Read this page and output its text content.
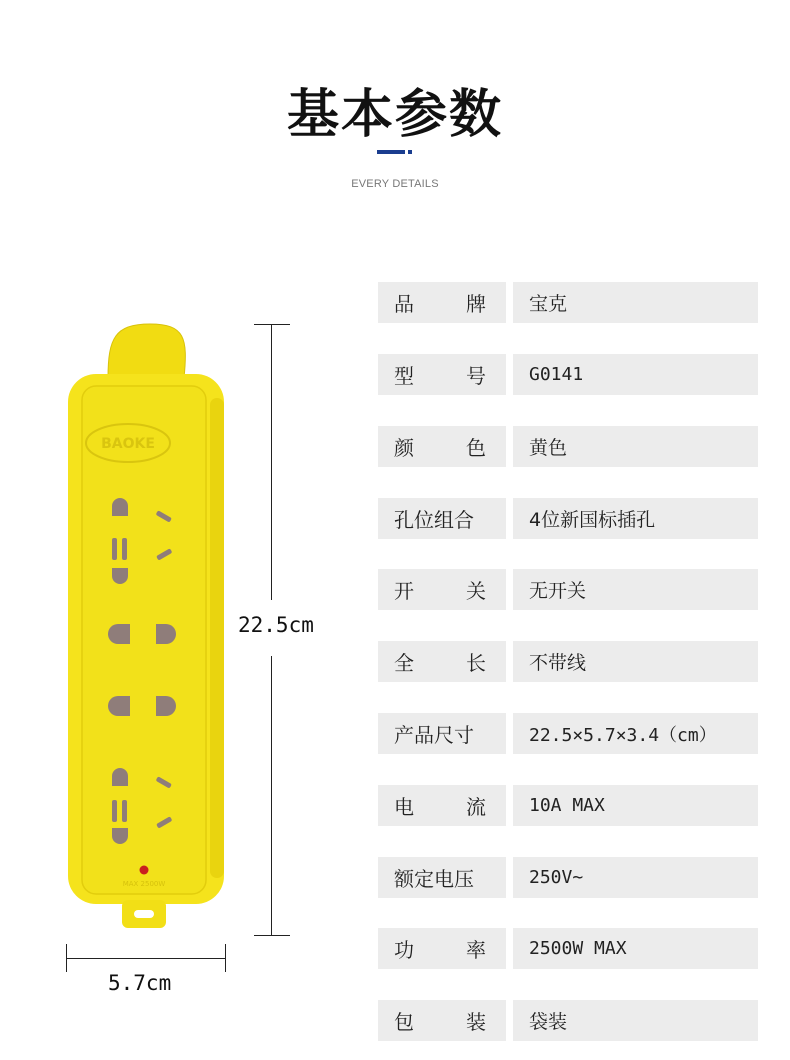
基本参数
EVERY DETAILS
BAOKE
MAX 2500W
22.5cm
5.7cm
品	牌	宝克
型	号	G0141
颜	色	黄色
孔位组合	4位新国标插孔
开	关	无开关
全	长	不带线
产品尺寸	22.5×5.7×3.4（cm）
电	流	10A MAX
额定电压	250V~
功	率	2500W MAX
包	装	袋装
